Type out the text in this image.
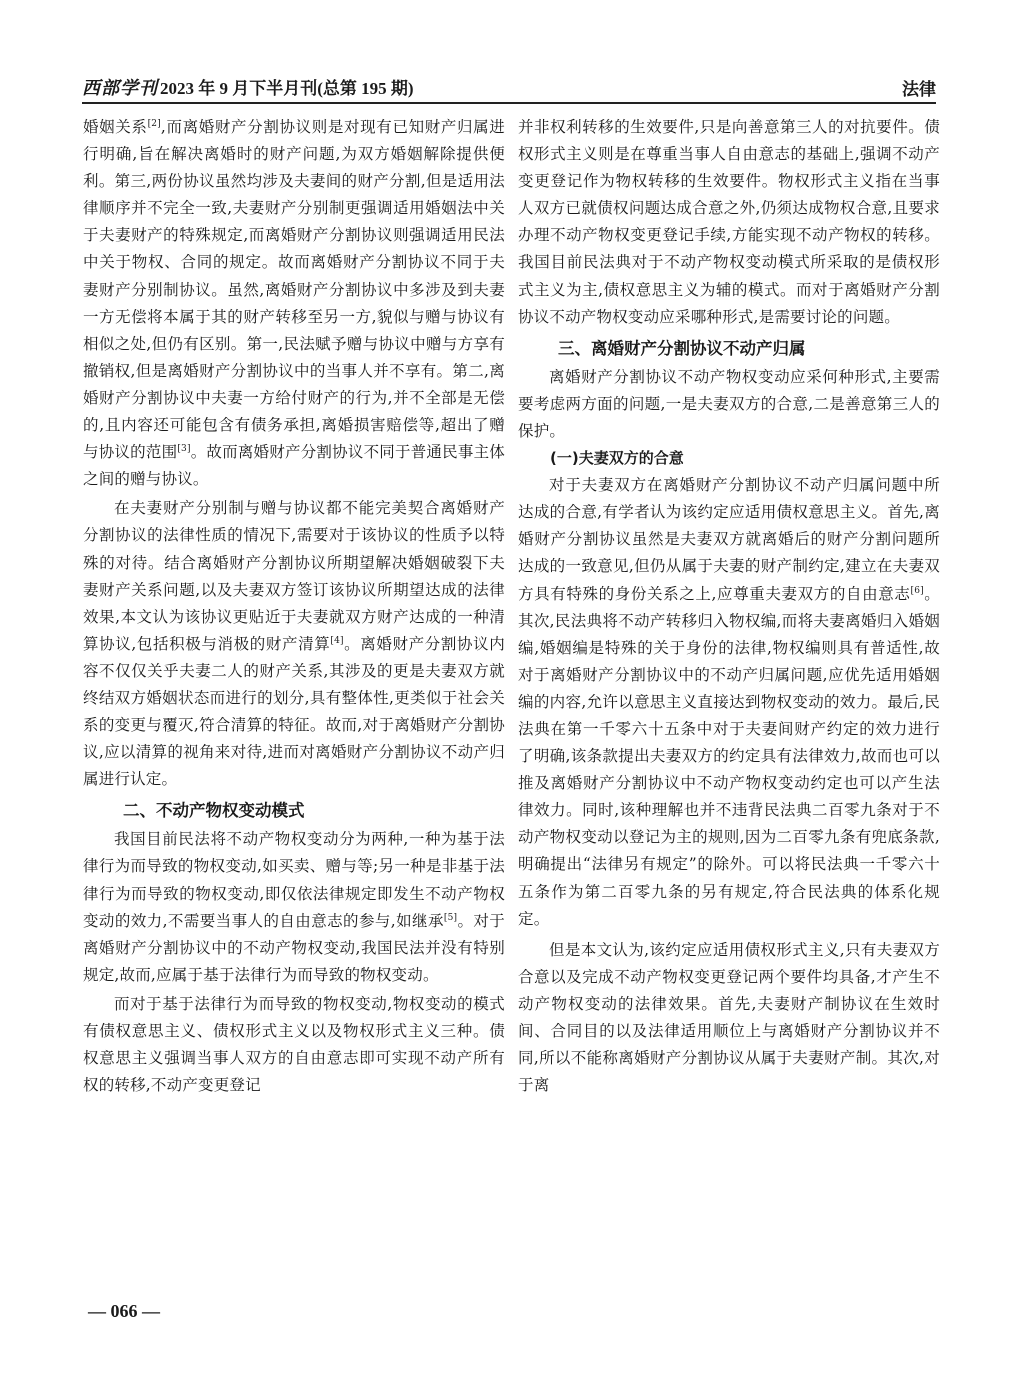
西部学刊 2023 年 9 月下半月刊(总第 195 期)	法律

婚姻关系[2],而离婚财产分割协议则是对现有已知财产归属进行明确,旨在解决离婚时的财产问题,为双方婚姻解除提供便利。第三,两份协议虽然均涉及夫妻间的财产分割,但是适用法律顺序并不完全一致,夫妻财产分别制更强调适用婚姻法中关于夫妻财产的特殊规定,而离婚财产分割协议则强调适用民法中关于物权、合同的规定。故而离婚财产分割协议不同于夫妻财产分别制协议。虽然,离婚财产分割协议中多涉及到夫妻一方无偿将本属于其的财产转移至另一方,貌似与赠与协议有相似之处,但仍有区别。第一,民法赋予赠与协议中赠与方享有撤销权,但是离婚财产分割协议中的当事人并不享有。第二,离婚财产分割协议中夫妻一方给付财产的行为,并不全部是无偿的,且内容还可能包含有债务承担,离婚损害赔偿等,超出了赠与协议的范围[3]。故而离婚财产分割协议不同于普通民事主体之间的赠与协议。

在夫妻财产分别制与赠与协议都不能完美契合离婚财产分割协议的法律性质的情况下,需要对于该协议的性质予以特殊的对待。结合离婚财产分割协议所期望解决婚姻破裂下夫妻财产关系问题,以及夫妻双方签订该协议所期望达成的法律效果,本文认为该协议更贴近于夫妻就双方财产达成的一种清算协议,包括积极与消极的财产清算[4]。离婚财产分割协议内容不仅仅关乎夫妻二人的财产关系,其涉及的更是夫妻双方就终结双方婚姻状态而进行的划分,具有整体性,更类似于社会关系的变更与覆灭,符合清算的特征。故而,对于离婚财产分割协议,应以清算的视角来对待,进而对离婚财产分割协议不动产归属进行认定。

二、不动产物权变动模式

我国目前民法将不动产物权变动分为两种,一种为基于法律行为而导致的物权变动,如买卖、赠与等;另一种是非基于法律行为而导致的物权变动,即仅依法律规定即发生不动产物权变动的效力,不需要当事人的自由意志的参与,如继承[5]。对于离婚财产分割协议中的不动产物权变动,我国民法并没有特别规定,故而,应属于基于法律行为而导致的物权变动。

而对于基于法律行为而导致的物权变动,物权变动的模式有债权意思主义、债权形式主义以及物权形式主义三种。债权意思主义强调当事人双方的自由意志即可实现不动产所有权的转移,不动产变更登记

并非权利转移的生效要件,只是向善意第三人的对抗要件。债权形式主义则是在尊重当事人自由意志的基础上,强调不动产变更登记作为物权转移的生效要件。物权形式主义指在当事人双方已就债权问题达成合意之外,仍须达成物权合意,且要求办理不动产物权变更登记手续,方能实现不动产物权的转移。我国目前民法典对于不动产物权变动模式所采取的是债权形式主义为主,债权意思主义为辅的模式。而对于离婚财产分割协议不动产物权变动应采哪种形式,是需要讨论的问题。

三、离婚财产分割协议不动产归属

离婚财产分割协议不动产物权变动应采何种形式,主要需要考虑两方面的问题,一是夫妻双方的合意,二是善意第三人的保护。

(一)夫妻双方的合意

对于夫妻双方在离婚财产分割协议不动产归属问题中所达成的合意,有学者认为该约定应适用债权意思主义。首先,离婚财产分割协议虽然是夫妻双方就离婚后的财产分割问题所达成的一致意见,但仍从属于夫妻的财产制约定,建立在夫妻双方具有特殊的身份关系之上,应尊重夫妻双方的自由意志[6]。其次,民法典将不动产转移归入物权编,而将夫妻离婚归入婚姻编,婚姻编是特殊的关于身份的法律,物权编则具有普适性,故对于离婚财产分割协议中的不动产归属问题,应优先适用婚姻编的内容,允许以意思主义直接达到物权变动的效力。最后,民法典在第一千零六十五条中对于夫妻间财产约定的效力进行了明确,该条款提出夫妻双方的约定具有法律效力,故而也可以推及离婚财产分割协议中不动产物权变动约定也可以产生法律效力。同时,该种理解也并不违背民法典二百零九条对于不动产物权变动以登记为主的规则,因为二百零九条有兜底条款,明确提出“法律另有规定”的除外。可以将民法典一千零六十五条作为第二百零九条的另有规定,符合民法典的体系化规定。

但是本文认为,该约定应适用债权形式主义,只有夫妻双方合意以及完成不动产物权变更登记两个要件均具备,才产生不动产物权变动的法律效果。首先,夫妻财产制协议在生效时间、合同目的以及法律适用顺位上与离婚财产分割协议并不同,所以不能称离婚财产分割协议从属于夫妻财产制。其次,对于离

— 066 —
